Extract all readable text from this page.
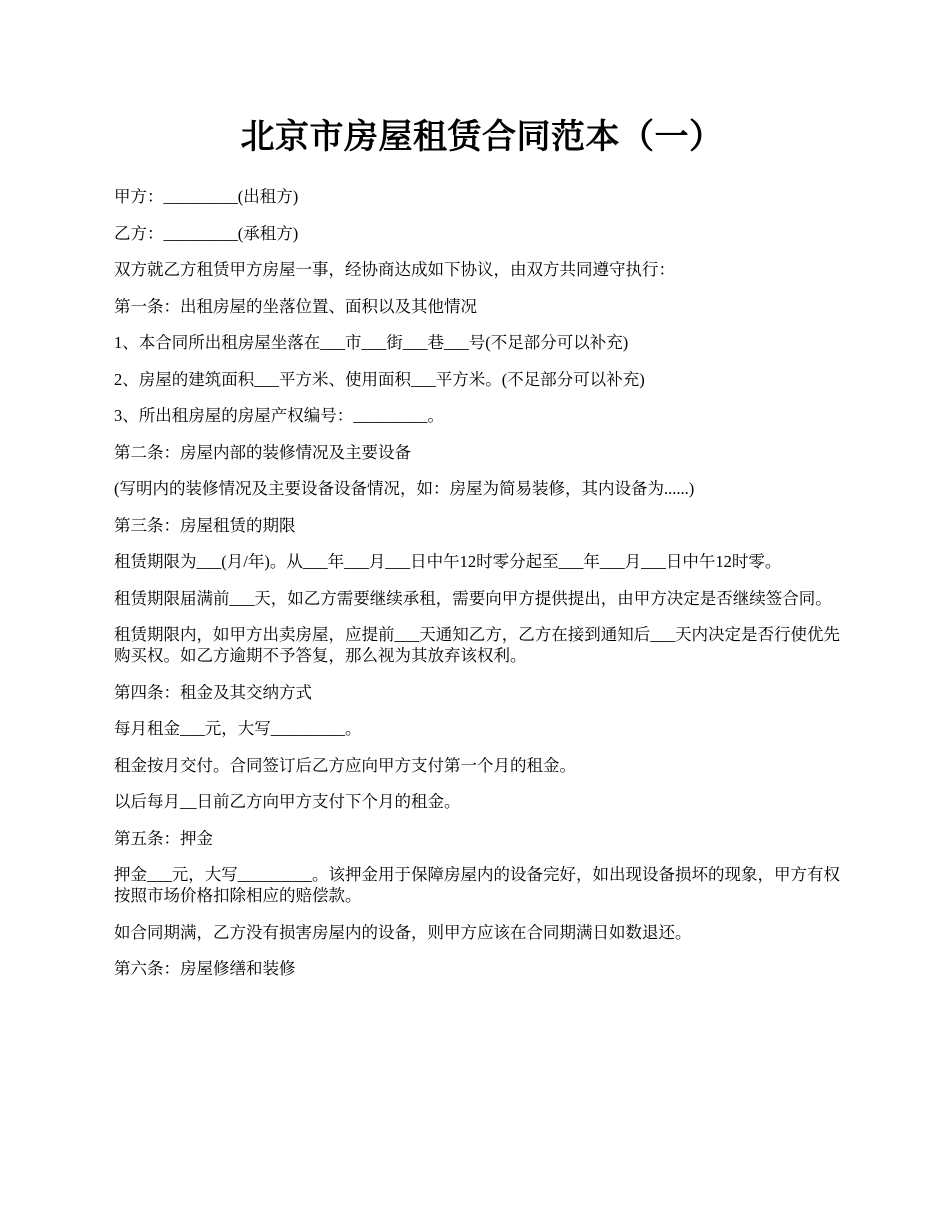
北京市房屋租赁合同范本（一）

甲方：_________(出租方)

乙方：_________(承租方)

双方就乙方租赁甲方房屋一事，经协商达成如下协议，由双方共同遵守执行：

第一条：出租房屋的坐落位置、面积以及其他情况

1、本合同所出租房屋坐落在___市___街___巷___号(不足部分可以补充)

2、房屋的建筑面积___平方米、使用面积___平方米。(不足部分可以补充)

3、所出租房屋的房屋产权编号：_________。

第二条：房屋内部的装修情况及主要设备

(写明内的装修情况及主要设备设备情况，如：房屋为简易装修，其内设备为......)

第三条：房屋租赁的期限

租赁期限为___(月/年)。从___年___月___日中午12时零分起至___年___月___日中午12时零。

租赁期限届满前___天，如乙方需要继续承租，需要向甲方提供提出，由甲方决定是否继续签合同。

租赁期限内，如甲方出卖房屋，应提前___天通知乙方，乙方在接到通知后___天内决定是否行使优先购买权。如乙方逾期不予答复，那么视为其放弃该权利。

第四条：租金及其交纳方式

每月租金___元，大写_________。

租金按月交付。合同签订后乙方应向甲方支付第一个月的租金。

以后每月__日前乙方向甲方支付下个月的租金。

第五条：押金

押金___元，大写_________。该押金用于保障房屋内的设备完好，如出现设备损坏的现象，甲方有权按照市场价格扣除相应的赔偿款。

如合同期满，乙方没有损害房屋内的设备，则甲方应该在合同期满日如数退还。

第六条：房屋修缮和装修
